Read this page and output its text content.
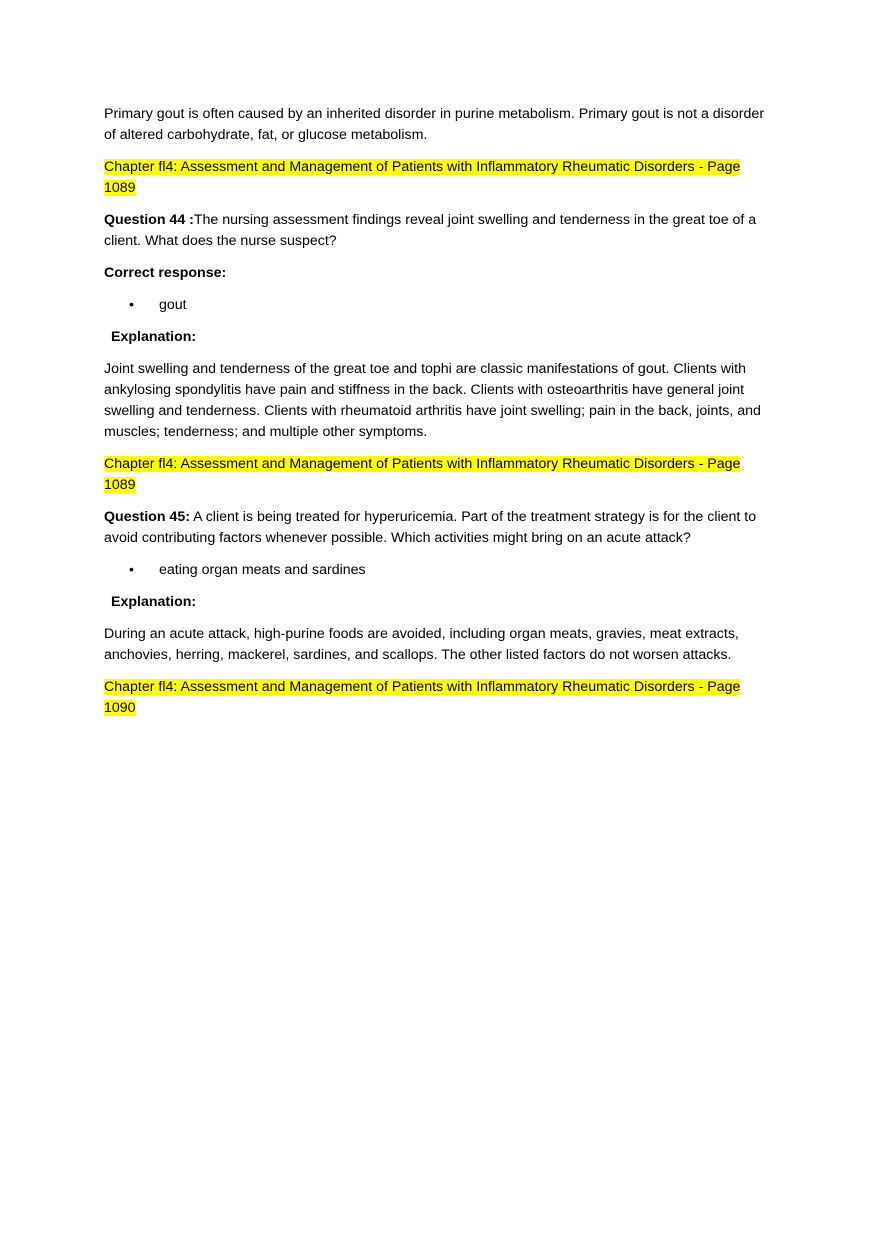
Primary gout is often caused by an inherited disorder in purine metabolism. Primary gout is not a disorder of altered carbohydrate, fat, or glucose metabolism.

Chapter fl4: Assessment and Management of Patients with Inflammatory Rheumatic Disorders - Page 1089

Question 44 :The nursing assessment findings reveal joint swelling and tenderness in the great toe of a client. What does the nurse suspect?

Correct response:

• gout

Explanation:

Joint swelling and tenderness of the great toe and tophi are classic manifestations of gout. Clients with ankylosing spondylitis have pain and stiffness in the back. Clients with osteoarthritis have general joint swelling and tenderness. Clients with rheumatoid arthritis have joint swelling; pain in the back, joints, and muscles; tenderness; and multiple other symptoms.

Chapter fl4: Assessment and Management of Patients with Inflammatory Rheumatic Disorders - Page 1089

Question 45: A client is being treated for hyperuricemia. Part of the treatment strategy is for the client to avoid contributing factors whenever possible. Which activities might bring on an acute attack?

• eating organ meats and sardines

Explanation:

During an acute attack, high-purine foods are avoided, including organ meats, gravies, meat extracts, anchovies, herring, mackerel, sardines, and scallops. The other listed factors do not worsen attacks.

Chapter fl4: Assessment and Management of Patients with Inflammatory Rheumatic Disorders - Page 1090
